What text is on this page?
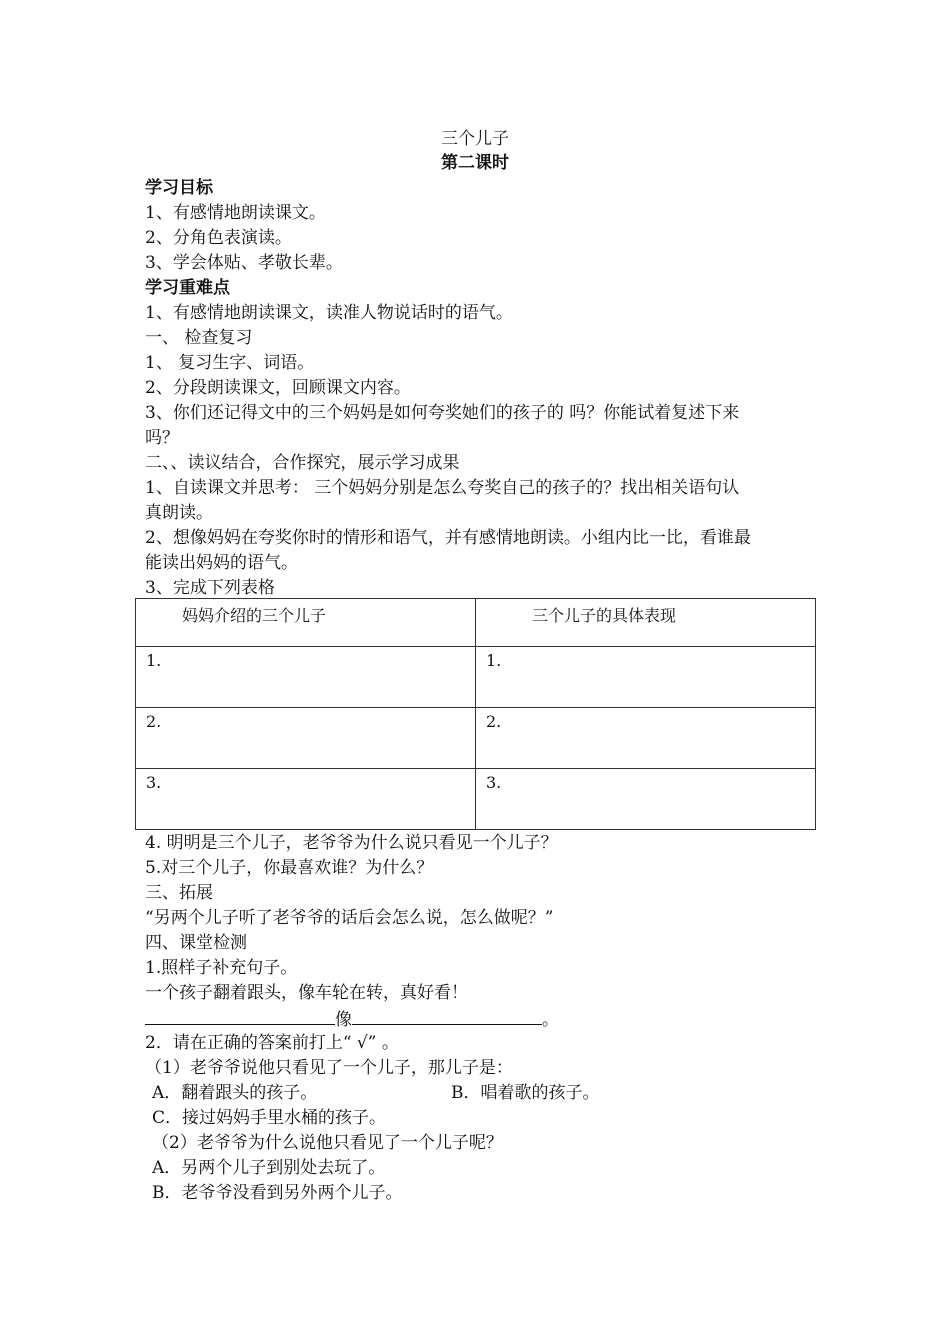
三个儿子
第二课时
学习目标
1、有感情地朗读课文。
2、分角色表演读。
3、学会体贴、孝敬长辈。
学习重难点
1、有感情地朗读课文，读准人物说话时的语气。
一、 检查复习
1、 复习生字、词语。
2、分段朗读课文，回顾课文内容。
3、你们还记得文中的三个妈妈是如何夸奖她们的孩子的 吗？你能试着复述下来
吗？
二、、读议结合，合作探究，展示学习成果
1、自读课文并思考： 三个妈妈分别是怎么夸奖自己的孩子的？找出相关语句认
真朗读。
2、想像妈妈在夸奖你时的情形和语气，并有感情地朗读。小组内比一比，看谁最
能读出妈妈的语气。
3、完成下列表格
妈妈介绍的三个儿子	三个儿子的具体表现
1.	1.
2.	2.
3.	3.
4. 明明是三个儿子，老爷爷为什么说只看见一个儿子？
5.对三个儿子，你最喜欢谁？为什么？
三、拓展
“另两个儿子听了老爷爷的话后会怎么说，怎么做呢？”
四、课堂检测
1.照样子补充句子。
一个孩子翻着跟头，像车轮在转，真好看！
像	。
2．请在正确的答案前打上“ √” 。
（1）老爷爷说他只看见了一个儿子，那儿子是：
A．翻着跟头的孩子。	B．唱着歌的孩子。
C．接过妈妈手里水桶的孩子。
（2）老爷爷为什么说他只看见了一个儿子呢？
A．另两个儿子到别处去玩了。
B．老爷爷没看到另外两个儿子。
